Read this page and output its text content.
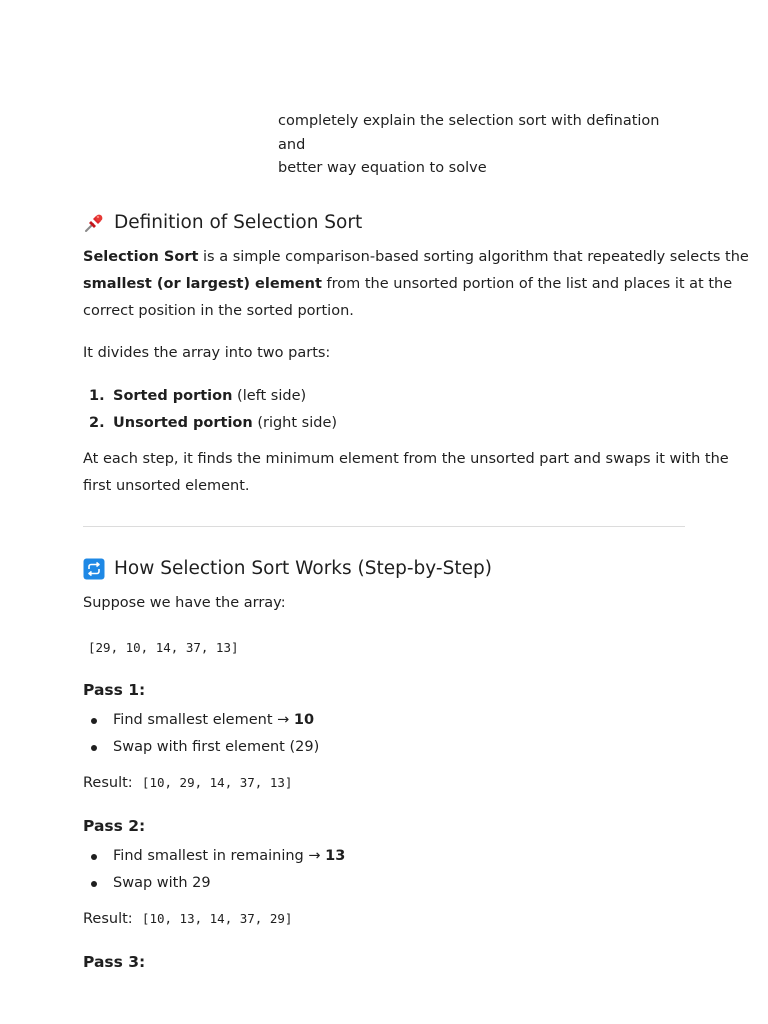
completely explain the selection sort with defination and
better way equation to solve
Definition of Selection Sort

Selection Sort is a simple comparison-based sorting algorithm that repeatedly selects the

smallest (or largest) element from the unsorted portion of the list and places it at the

correct position in the sorted portion.

It divides the array into two parts:

1. Sorted portion (left side)
2. Unsorted portion (right side)

At each step, it finds the minimum element from the unsorted part and swaps it with the

first unsorted element.

How Selection Sort Works (Step-by-Step)

Suppose we have the array:

[29, 10, 14, 37, 13]
Pass 1:
Find smallest element → 10
Swap with first element (29)

Result: [10, 29, 14, 37, 13]

Pass 2:
Find smallest in remaining → 13
Swap with 29

Result: [10, 13, 14, 37, 29]

Pass 3:
